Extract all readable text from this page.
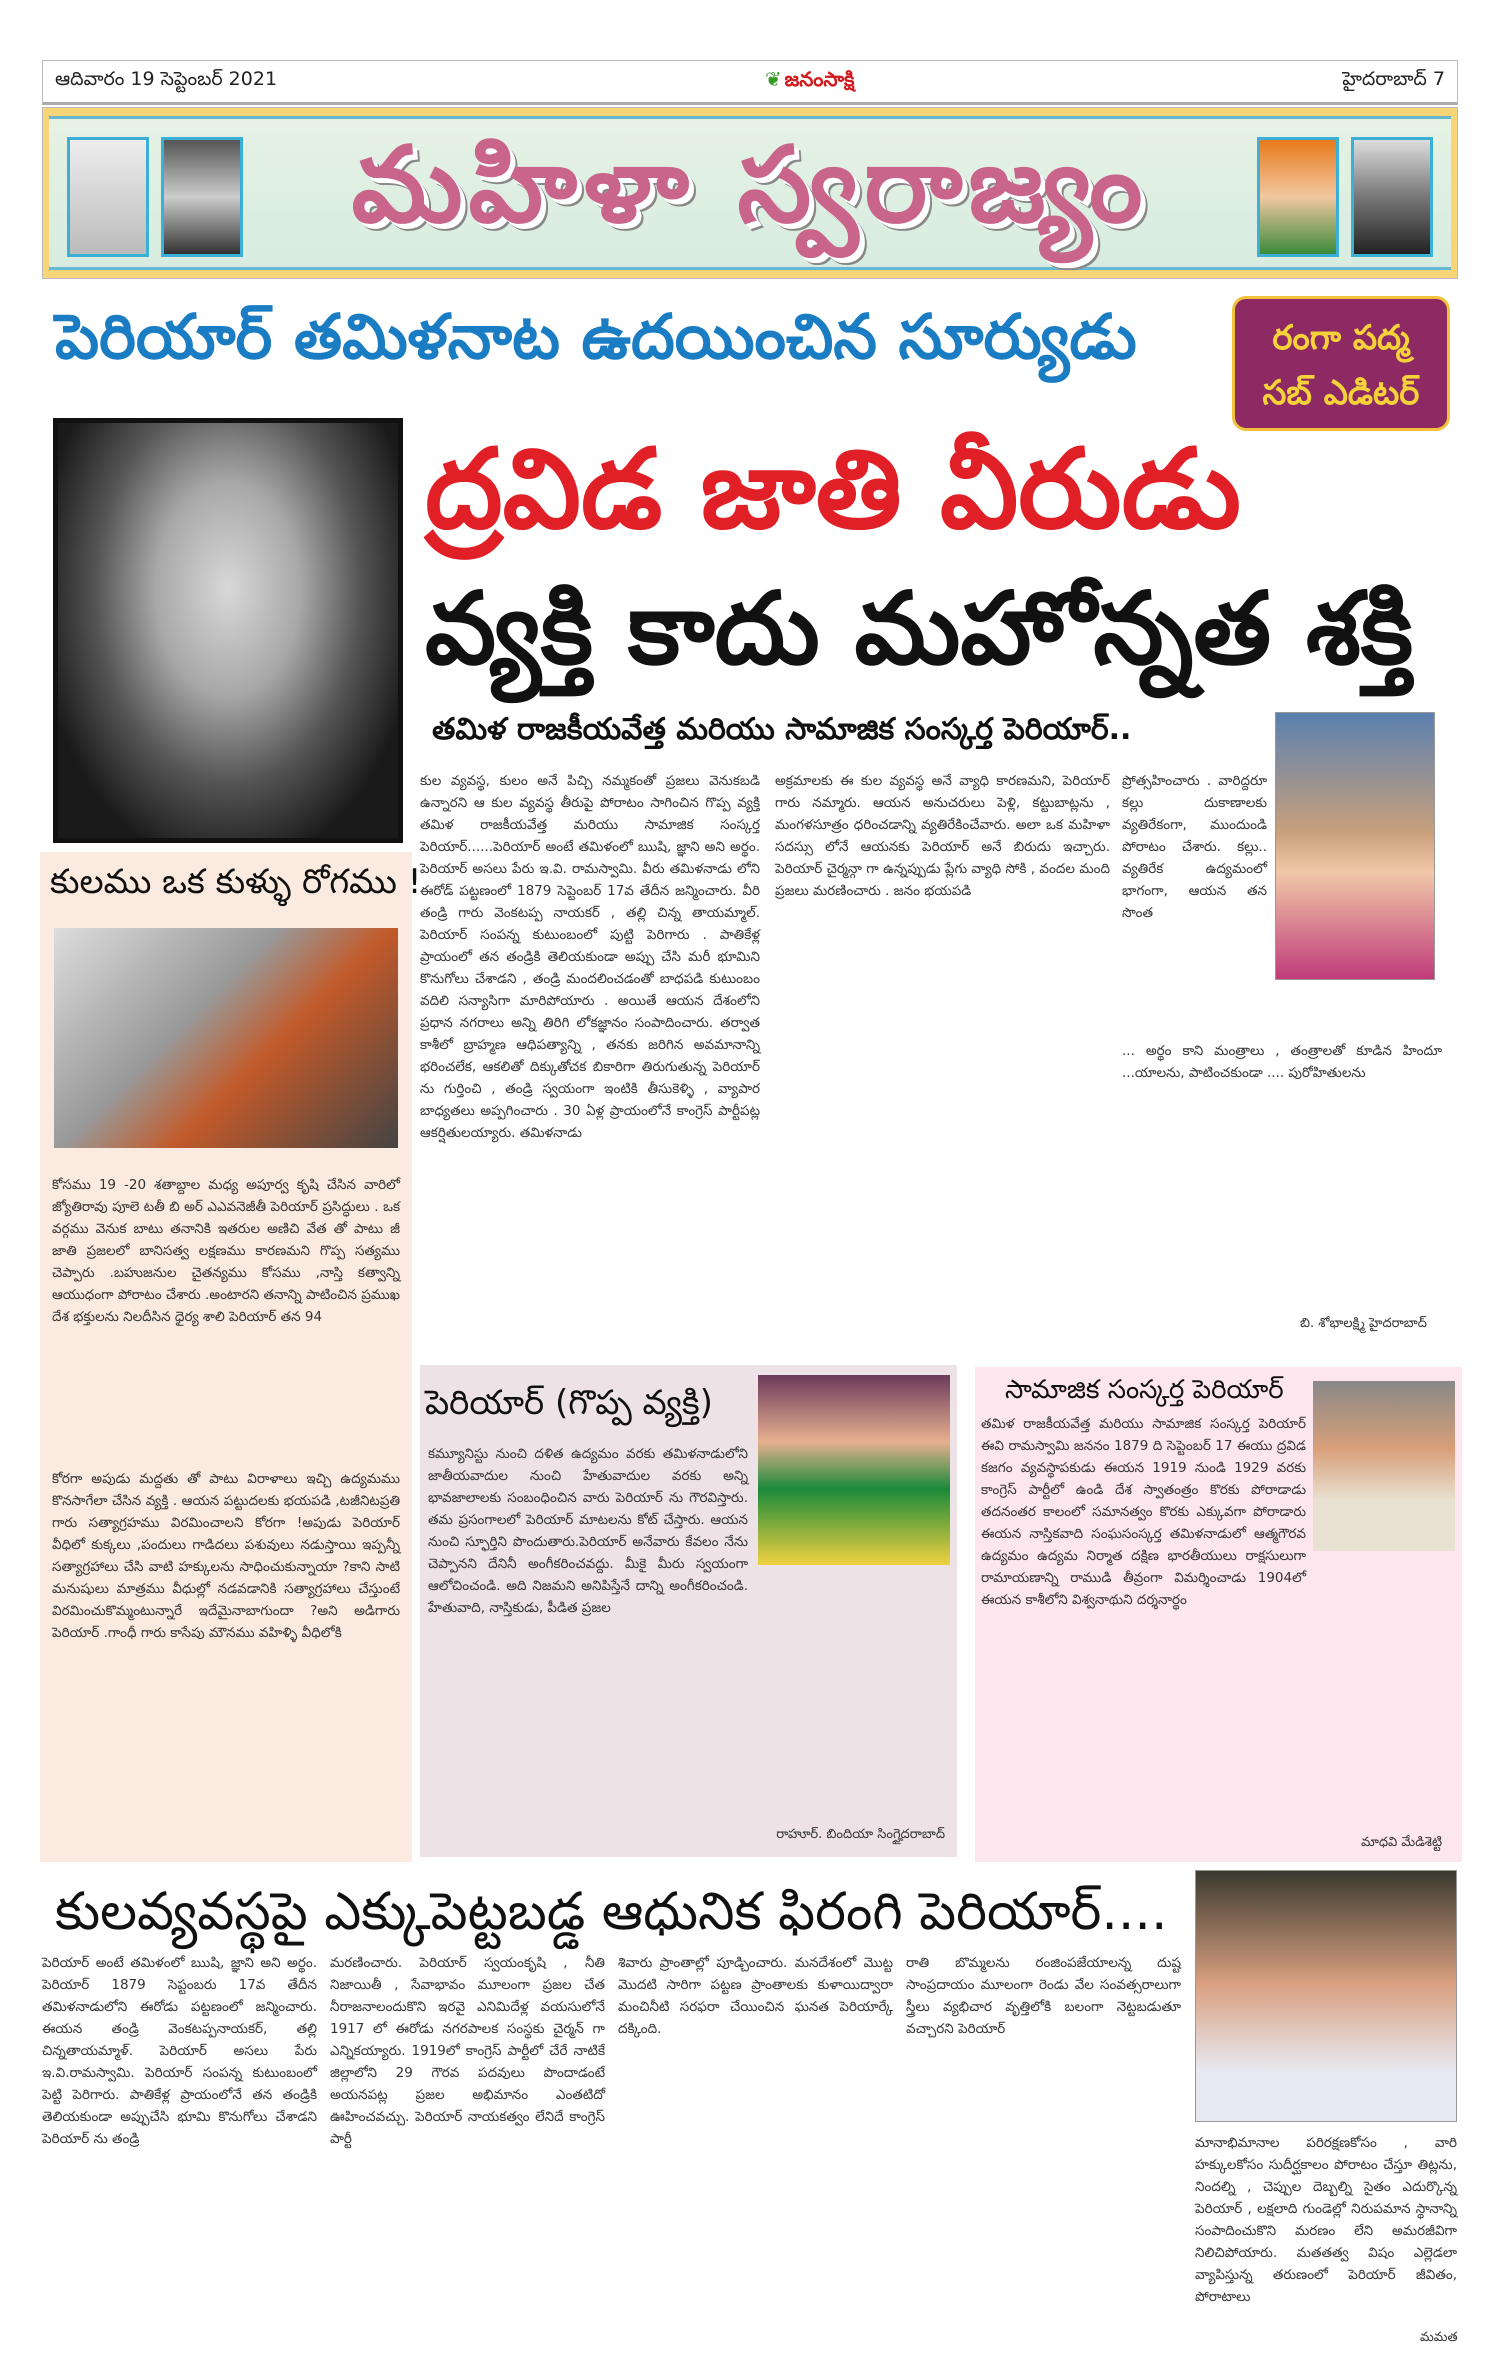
ఆదివారం 19 సెప్టెంబర్ 2021	❦ జనంసాక్షి	హైదరాబాద్ 7
మహిళా స్వరాజ్యం
పెరియార్ తమిళనాట ఉదయించిన సూర్యుడు	రంగా పద్మ
సబ్ ఎడిటర్
ద్రవిడ జాతి వీరుడు
వ్యక్తి కాదు మహోన్నత శక్తి
తమిళ రాజకీయవేత్త మరియు సామాజిక సంస్కర్త పెరియార్..
కుల వ్యవస్థ, కులం అనే పిచ్చి నమ్మకంతో ప్రజలు వెనుకబడి ఉన్నారని ఆ కుల వ్యవస్థ తీరుపై పోరాటం సాగించిన గొప్ప వ్యక్తి తమిళ రాజకీయవేత్త మరియు సామాజిక సంస్కర్త పెరియార్......పెరియార్ అంటే తమిళంలో ఋషి, జ్ఞాని అని అర్థం. పెరియార్ అసలు పేరు ఇ.వి. రామస్వామి. వీరు తమిళనాడు లోని ఈరోడ్ పట్టణంలో 1879 సెప్టెంబర్ 17వ తేదీన జన్మించారు. వీరి తండ్రి గారు వెంకటప్ప నాయకర్ , తల్లి చిన్న తాయమ్మాల్. పెరియార్ సంపన్న కుటుంబంలో పుట్టి పెరిగారు . పాతికేళ్ల ప్రాయంలో తన తండ్రికి తెలియకుండా అప్పు చేసి మరీ భూమిని కొనుగోలు చేశాడని , తండ్రి మందలించడంతో బాధపడి కుటుంబం వదిలి సన్యాసిగా మారిపోయారు . అయితే ఆయన దేశంలోని ప్రధాన నగరాలు అన్ని తిరిగి లోకజ్ఞానం సంపాదించారు. తర్వాత కాశీలో బ్రాహ్మణ ఆధిపత్యాన్ని , తనకు జరిగిన అవమానాన్ని భరించలేక, ఆకలితో దిక్కుతోచక బికారిగా తిరుగుతున్న పెరియార్ ను గుర్తించి , తండ్రి స్వయంగా ఇంటికి తీసుకెళ్ళి , వ్యాపార బాధ్యతలు అప్పగించారు . 30 ఏళ్ల ప్రాయంలోనే కాంగ్రెస్ పార్టీపట్ల ఆకర్షితులయ్యారు. తమిళనాడు
అక్రమాలకు ఈ కుల వ్యవస్థ అనే వ్యాధి కారణమని, పెరియార్ గారు నమ్మారు. ఆయన అనుచరులు పెళ్లి, కట్టుబాట్లను , మంగళసూత్రం ధరించడాన్ని వ్యతిరేకించేవారు. అలా ఒక మహిళా సదస్సు లోనే ఆయనకు పెరియార్ అనే బిరుదు ఇచ్చారు. పెరియార్ చైర్మన్గా గా ఉన్నప్పుడు ప్లేగు వ్యాధి సోకి , వందల మంది ప్రజలు మరణించారు . జనం భయపడి
ప్రోత్సహించారు . వారిద్దరూ కల్లు దుకాణాలకు వ్యతిరేకంగా, ముందుండి పోరాటం చేశారు. కల్లు.. వ్యతిరేక ఉద్యమంలో భాగంగా, ఆయన తన సొంత
... అర్థం కాని మంత్రాలు , తంత్రాలతో కూడిన హిందూ ...యాలను, పాటించకుండా .... పురోహితులను
బి. శోభాలక్ష్మి హైదరాబాద్
కులము ఒక కుళ్ళు రోగము !
కోసము 19 -20 శతాబ్దాల మధ్య అపూర్వ కృషి చేసిన వారిలో జ్యోతిరావు పూలె టతీ బి అర్ ఎఎవనెజీతీ పెరియార్ ప్రసిద్ధులు . ఒక వర్గము వెనుక బాటు తనానికి ఇతరుల అణిచి వేత తో పాటు జీ జాతి ప్రజలలో బానిసత్వ లక్షణము కారణమని గొప్ప సత్యము చెప్పారు .బహుజనుల చైతన్యము కోసము ,నాస్తి కత్వాన్ని ఆయుధంగా పోరాటం చేశారు .అంటారని తనాన్ని పాటించిన ప్రముఖ దేశ భక్తులను నిలదీసిన ధైర్య శాలి పెరియార్ తన 94
కోరగా అపుడు మద్దతు తో పాటు విరాళాలు ఇచ్చి ఉద్యమము కొనసాగేలా చేసిన వ్యక్తి . ఆయన పట్టుదలకు భయపడి ,టజీనిటప్రతి గారు సత్యాగ్రహము విరమించాలని కోరగా !అపుడు పెరియార్ వీధిలో కుక్కలు ,పందులు గాడిదలు పశువులు నడుస్తాయి ఇప్పన్నీ సత్యాగ్రహాలు చేసి వాటి హక్కులను సాధించుకున్నాయా ?కాని సాటి మనుషులు మాత్రము వీధుల్లో నడవడానికి సత్యాగ్రహాలు చేస్తుంటే విరమించుకొమ్మంటున్నారే ఇదేమైనాబాగుందా ?అని అడిగారు పెరియార్ .గాంధీ గారు కాసేపు మౌనము వహిళ్ళి వీధిలోకి
పెరియార్ (గొప్ప వ్యక్తి)
కమ్యూనిస్టు నుంచి దళిత ఉద్యమం వరకు తమిళనాడులోని జాతీయవాదుల నుంచి హేతువాదుల వరకు అన్ని భావజాలాలకు సంబంధించిన వారు పెరియార్ ను గౌరవిస్తారు. తమ ప్రసంగాలలో పెరియార్ మాటలను కోట్ చేస్తారు. ఆయన నుంచి స్ఫూర్తిని పొందుతారు.పెరియార్ అనేవారు కేవలం నేను చెప్పానని దేనినీ అంగీకరించవద్దు. మీకై మీరు స్వయంగా ఆలోచించండి. అది నిజమని అనిపిస్తేనే దాన్ని అంగీకరించండి. హేతువాది, నాస్తికుడు, పీడిత ప్రజల
రాహూర్. బిందియా సింగ్హైదరాబాద్
సామాజిక సంస్కర్త పెరియార్
తమిళ రాజకీయవేత్త మరియు సామాజిక సంస్కర్త పెరియార్ ఈవి రామస్వామి జననం 1879 ది సెప్టెంబర్ 17 ఈయు ద్రవిడ కజగం వ్యవస్థాపకుడు ఈయన 1919 నుండి 1929 వరకు కాంగ్రెస్ పార్టీలో ఉండి దేశ స్వాతంత్రం కొరకు పోరాడాడు తదనంతర కాలంలో సమానత్వం కొరకు ఎక్కువగా పోరాడారు ఈయన నాస్తికవాది సంఘసంస్కర్త తమిళనాడులో ఆత్మగౌరవ ఉద్యమం ఉద్యమ నిర్మాత దక్షిణ భారతీయులు రాక్షసులుగా రామాయణాన్ని రాముడి తీవ్రంగా విమర్శించాడు 1904లో ఈయన కాశీలోని విశ్వనాథుని దర్శనార్థం
మాధవి మేడిశెట్టి
కులవ్యవస్థపై ఎక్కుపెట్టబడ్డ ఆధునిక ఫిరంగి పెరియార్....
పెరియార్ అంటే తమిళంలో ఋషి, జ్ఞాని అని అర్థం. పెరియార్ 1879 సెప్టంబరు 17వ తేదీన తమిళనాడులోని ఈరోడు పట్టణంలో జన్మించారు. ఈయన తండ్రి వెంకటప్పనాయకర్, తల్లి చిన్నతాయమ్మాళ్. పెరియార్ అసలు పేరు ఇ.వి.రామస్వామి. పెరియార్ సంపన్న కుటుంబంలో పెట్టి పెరిగారు. పాతికేళ్ల ప్రాయంలోనే తన తండ్రికి తెలియకుండా అప్పుచేసి భూమి కొనుగోలు చేశాడని పెరియార్ ను తండ్రి
మరణించారు. పెరియార్ స్వయంకృషి , నీతి నిజాయితీ , సేవాభావం మూలంగా ప్రజల చేత నీరాజనాలందుకొని ఇరవై ఎనిమిదేళ్ల వయసులోనే 1917 లో ఈరోడు నగరపాలక సంస్థకు చైర్మన్ గా ఎన్నికయ్యారు. 1919లో కాంగ్రెస్ పార్టీలో చేరే నాటికే జిల్లాలోని 29 గౌరవ పదవులు పొందాడంటే అయనపట్ల ప్రజల అభిమానం ఎంతటిదో ఊహించవచ్చు. పెరియార్ నాయకత్వం లేనిదే కాంగ్రెస్ పార్టీ
శివారు ప్రాంతాల్లో పూడ్చించారు. మనదేశంలో మొట్ట మొదటి సారిగా పట్టణ ప్రాంతాలకు కుళాయిద్వారా మంచినీటి సరఫరా చేయించిన ఘనత పెరియార్కే దక్కింది.
రాతి బొమ్మలను రంజింపజేయాలన్న దుష్ట సాంప్రదాయం మూలంగా రెండు వేల సంవత్సరాలుగా స్త్రీలు వ్యభిచార వృత్తిలోకి బలంగా నెట్టబడుతూ వచ్చారని పెరియార్
మానాభిమానాల పరిరక్షణకోసం , వారి హక్కులకోసం సుదీర్ఘకాలం పోరాటం చేస్తూ తిట్లను, నిందల్ని , చెప్పుల దెబ్బల్ని సైతం ఎదుర్కొన్న పెరియార్ , లక్షలాది గుండెల్లో నిరుపమాన స్థానాన్ని సంపాదించుకొని మరణం లేని అమరజీవిగా నిలిచిపోయారు. మతతత్వ విషం ఎల్లెడలా వ్యాపిస్తున్న తరుణంలో పెరియార్ జీవితం, పోరాటాలు
మమత
